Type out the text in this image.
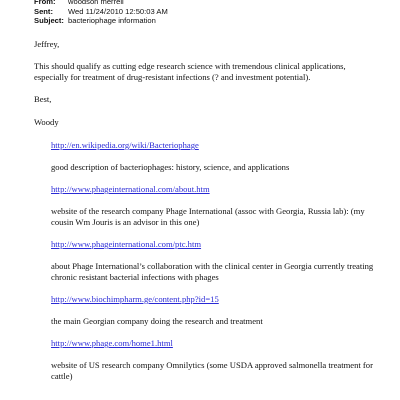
From:	woodson merrell
Sent:	Wed 11/24/2010 12:50:03 AM
Subject: bacteriophage information
Jeffrey,
This should qualify as cutting edge research science with tremendous clinical applications,
especially for treatment of drug-resistant infections (? and investment potential).
Best,
Woody
http://en.wikipedia.org/wiki/Bacteriophage
good description of bacteriophages: history, science, and applications
http://www.phageinternational.com/about.htm
website of the research company Phage International (assoc with Georgia, Russia lab): (my
cousin Wm Jouris is an advisor in this one)
http://www.phageinternational.com/ptc.htm
about Phage International’s collaboration with the clinical center in Georgia currently treating
chronic resistant bacterial infections with phages
http://www.biochimpharm.ge/content.php?id=15
the main Georgian company doing the research and treatment
http://www.phage.com/home1.html
website of US research company Omnilytics (some USDA approved salmonella treatment for
cattle)
